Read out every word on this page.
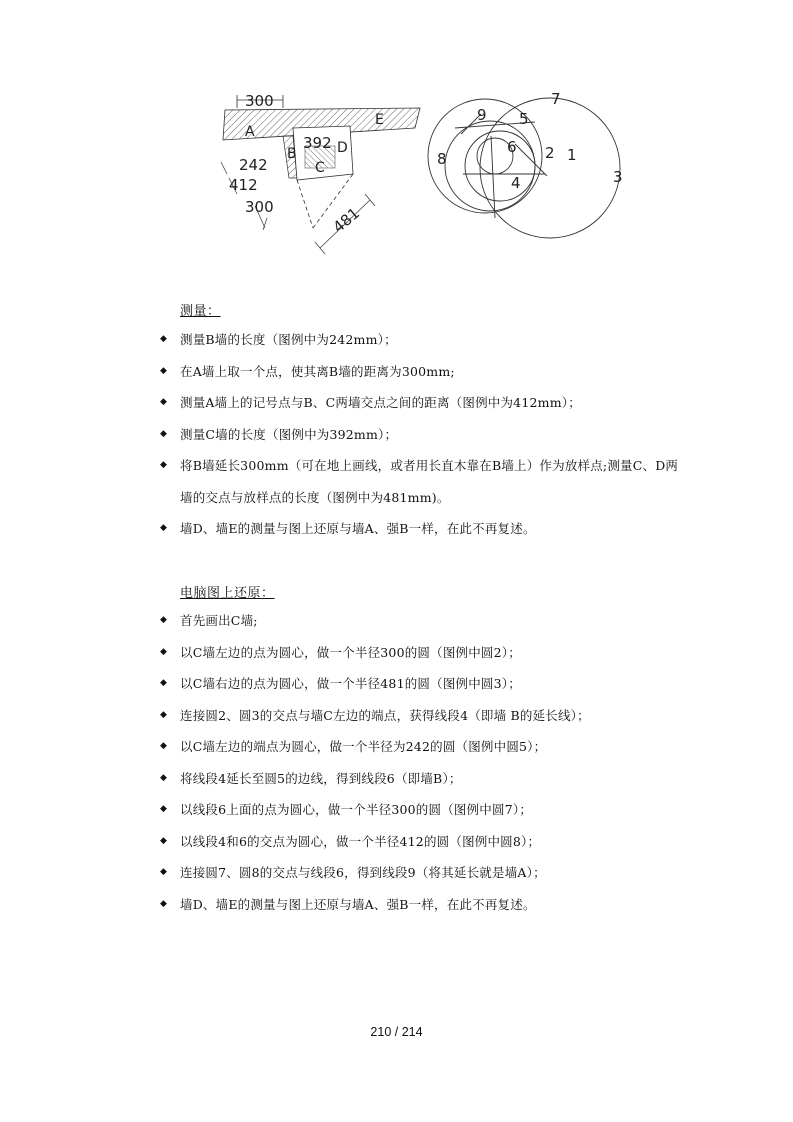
300
392
242
412
300	481
A
B
C
D
E
1
2
3
4
5
6
7
8
9
测量：
◆ 测量B墙的长度（图例中为242mm）；
◆ 在A墙上取一个点，使其离B墙的距离为300mm;
◆ 测量A墙上的记号点与B、C两墙交点之间的距离（图例中为412mm）；
◆ 测量C墙的长度（图例中为392mm）；
◆ 将B墙延长300mm（可在地上画线，或者用长直木靠在B墙上）作为放样点;测量C、D两
墙的交点与放样点的长度（图例中为481mm)。
◆ 墙D、墙E的测量与图上还原与墙A、强B一样，在此不再复述。
电脑图上还原：
◆ 首先画出C墙;
◆ 以C墙左边的点为圆心，做一个半径300的圆（图例中圆2）；
◆ 以C墙右边的点为圆心，做一个半径481的圆（图例中圆3）；
◆ 连接圆2、圆3的交点与墙C左边的端点，获得线段4（即墙 B的延长线）；
◆ 以C墙左边的端点为圆心，做一个半径为242的圆（图例中圆5）；
◆ 将线段4延长至圆5的边线，得到线段6（即墙B）；
◆ 以线段6上面的点为圆心，做一个半径300的圆（图例中圆7）；
◆ 以线段4和6的交点为圆心，做一个半径412的圆（图例中圆8）；
◆ 连接圆7、圆8的交点与线段6，得到线段9（将其延长就是墙A）；
◆ 墙D、墙E的测量与图上还原与墙A、强B一样，在此不再复述。
210 / 214
